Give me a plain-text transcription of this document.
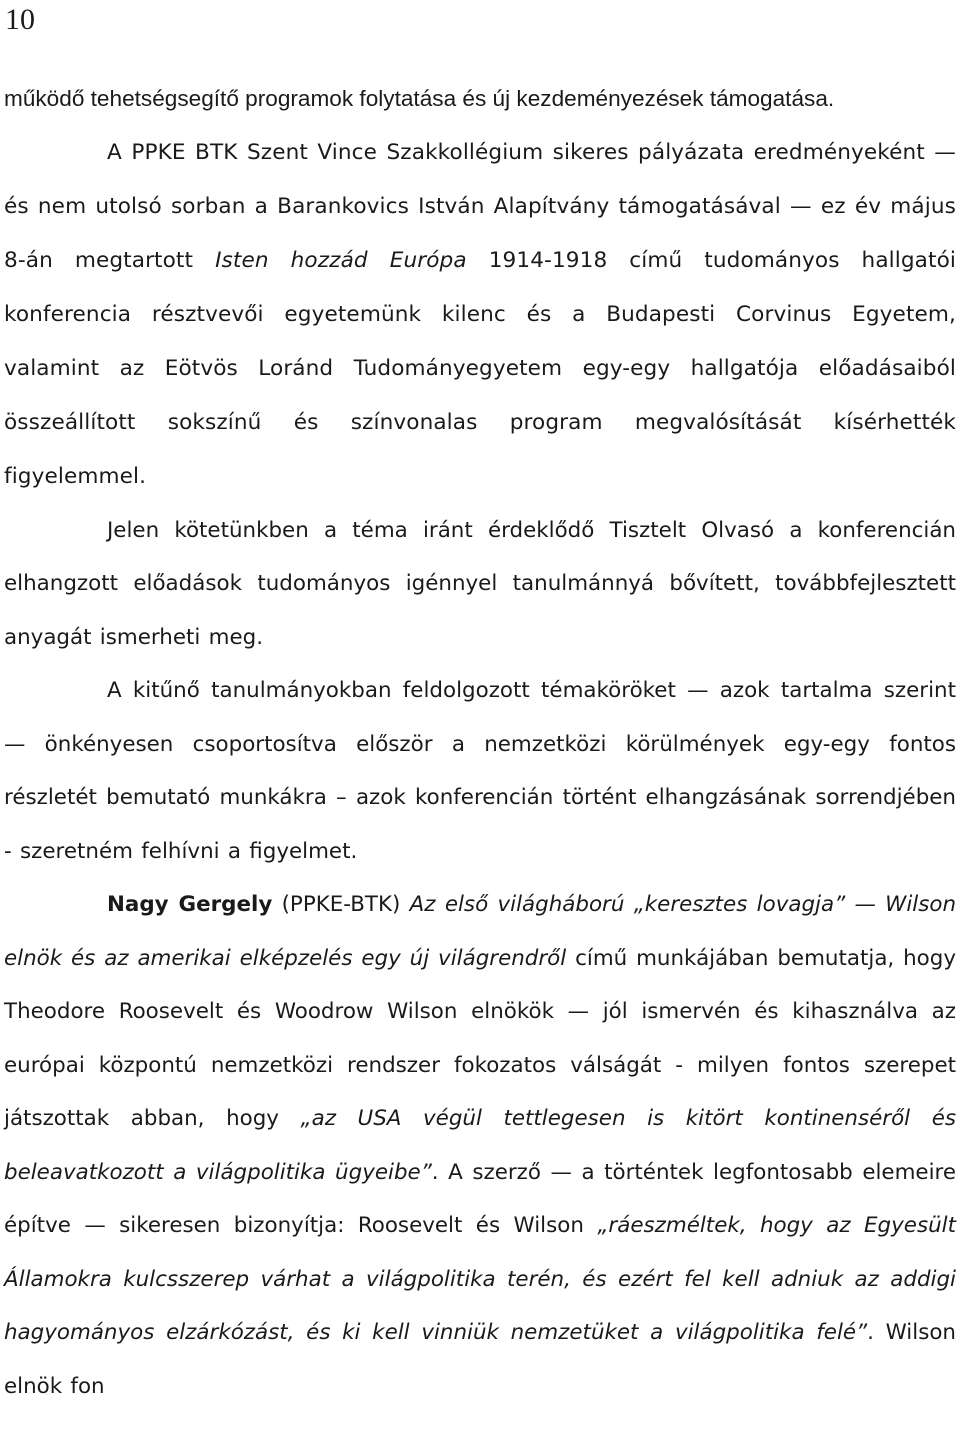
10

működő tehetségsegítő programok folytatása és új kezdeményezések támogatása.

A PPKE BTK Szent Vince Szakkollégium sikeres pályázata eredményeként — és nem utolsó sorban a Barankovics István Alapítvány támogatásával — ez év május 8-án megtartott Isten hozzád Európa 1914-1918 című tudományos hallgatói konferencia résztvevői egyetemünk kilenc és a Budapesti Corvinus Egyetem, valamint az Eötvös Loránd Tudományegyetem egy-egy hallgatója előadásaiból összeállított sokszínű és színvonalas program megvalósítását kísérhették figyelemmel.

Jelen kötetünkben a téma iránt érdeklődő Tisztelt Olvasó a konferencián elhangzott előadások tudományos igénnyel tanulmánnyá bővített, továbbfejlesztett anyagát ismerheti meg.

A kitűnő tanulmányokban feldolgozott témaköröket — azok tartalma szerint — önkényesen csoportosítva először a nemzetközi körülmények egy-egy fontos részletét bemutató munkákra – azok konferencián történt elhangzásának sorrendjében - szeretném felhívni a figyelmet.

Nagy Gergely (PPKE-BTK) Az első világháború „keresztes lovagja” — Wilson elnök és az amerikai elképzelés egy új világrendről című munkájában bemutatja, hogy Theodore Roosevelt és Woodrow Wilson elnökök — jól ismervén és kihasználva az európai központú nemzetközi rendszer fokozatos válságát - milyen fontos szerepet játszottak abban, hogy „az USA végül tettlegesen is kitört kontinenséről és beleavatkozott a világpolitika ügyeibe”. A szerző — a történtek legfontosabb elemeire építve — sikeresen bizonyítja: Roosevelt és Wilson „ráeszméltek, hogy az Egyesült Államokra kulcsszerep várhat a világpolitika terén, és ezért fel kell adniuk az addigi hagyományos elzárkózást, és ki kell vinniük nemzetüket a világpolitika felé”. Wilson elnök fon
